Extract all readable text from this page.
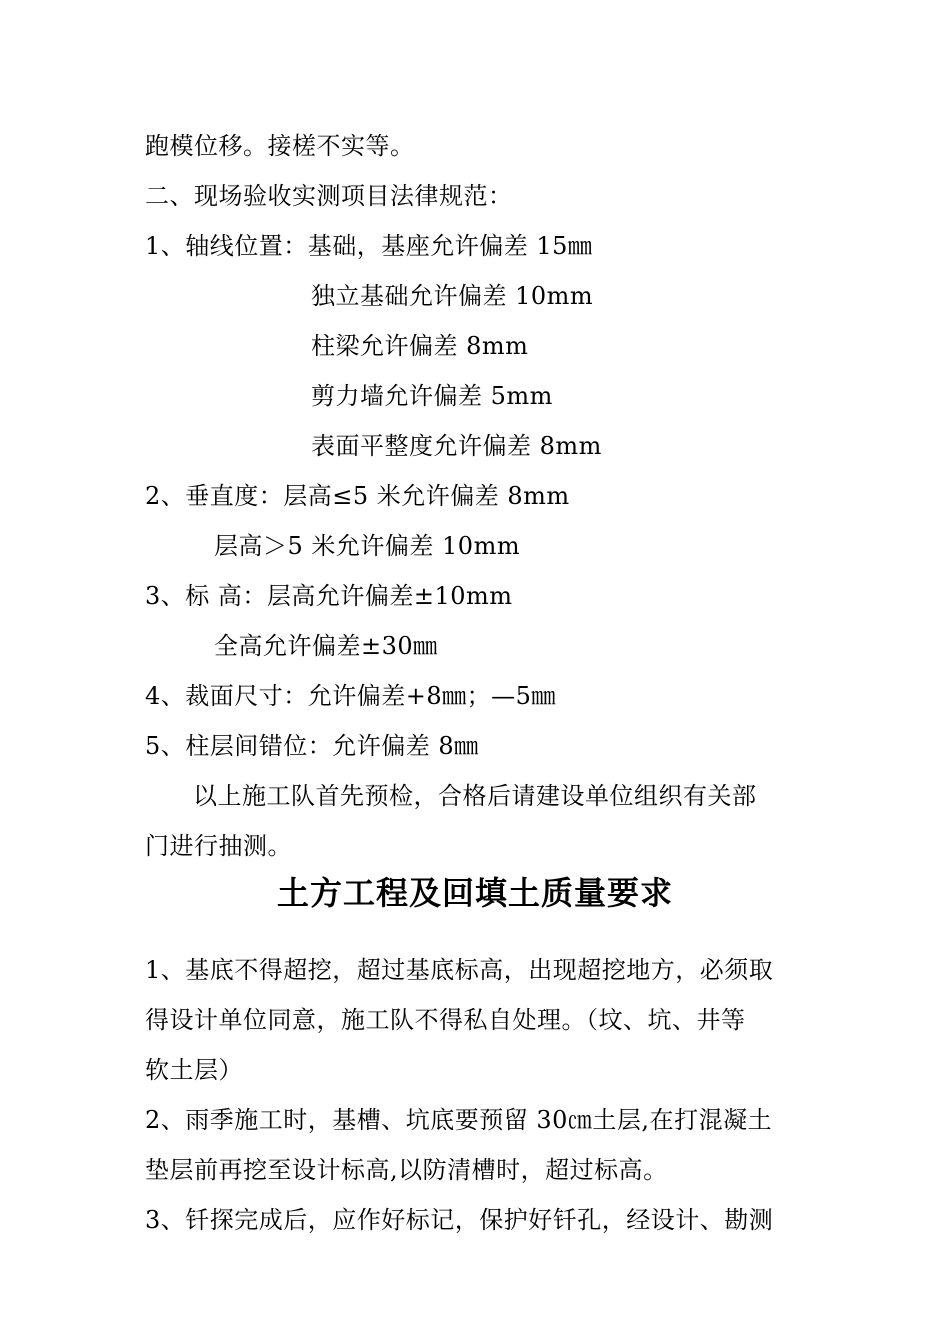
跑模位移。接槎不实等。
二、现场验收实测项目法律规范：
1、轴线位置：基础，基座允许偏差 15㎜
独立基础允许偏差 10mm
柱梁允许偏差 8mm
剪力墙允许偏差 5mm
表面平整度允许偏差 8mm
2、垂直度：层高≤5 米允许偏差 8mm
层高＞5 米允许偏差 10mm
3、标 高：层高允许偏差±10mm
全高允许偏差±30㎜
4、裁面尺寸：允许偏差+8㎜；—5㎜
5、柱层间错位：允许偏差 8㎜
以上施工队首先预检，合格后请建设单位组织有关部
门进行抽测。
土方工程及回填土质量要求
1、基底不得超挖，超过基底标高，出现超挖地方，必须取
得设计单位同意，施工队不得私自处理。（坟、坑、井等
软土层）
2、雨季施工时，基槽、坑底要预留 30㎝土层,在打混凝土
垫层前再挖至设计标高,以防清槽时，超过标高。
3、钎探完成后，应作好标记，保护好钎孔，经设计、勘测
